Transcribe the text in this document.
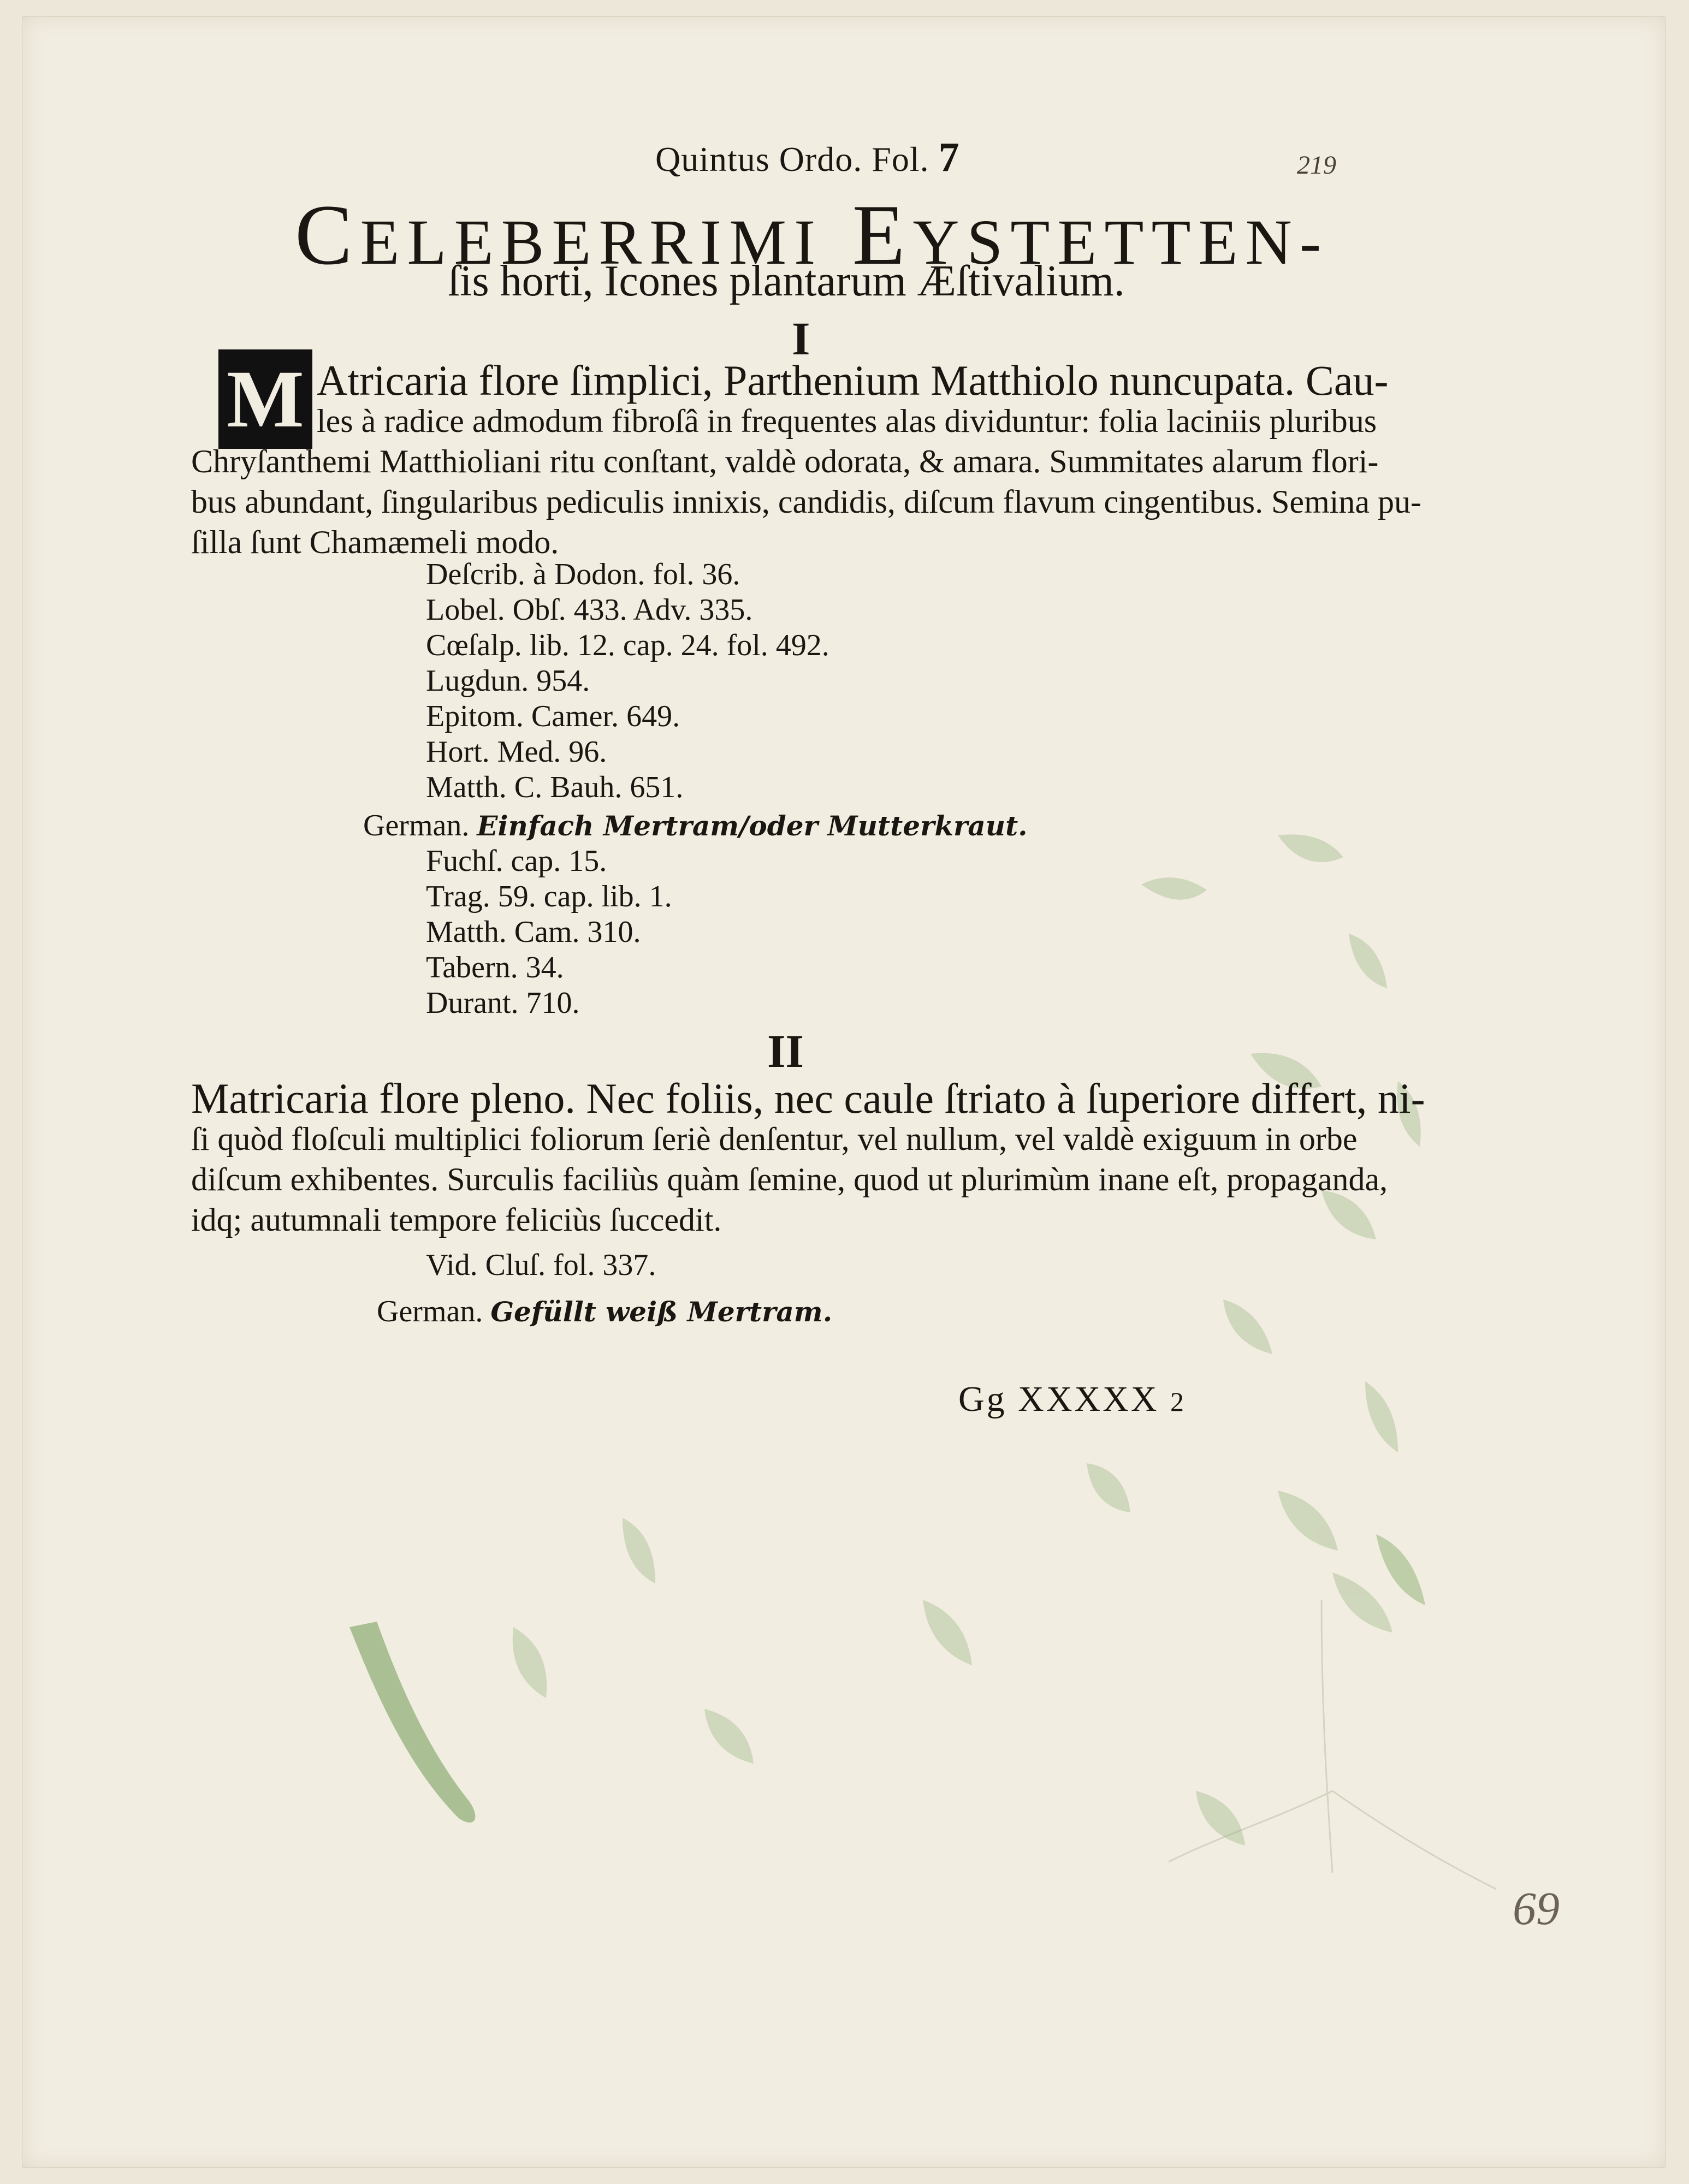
Quintus Ordo. Fol. 7	219
CELEBERRIMI EYSTETTEN-
ſis horti, Icones plantarum Æſtivalium.
I
M Atricaria flore ſimplici, Parthenium Matthiolo nuncupata. Cau-
les à radice admodum fibroſâ in frequentes alas dividuntur: folia laciniis pluribus
Chryſanthemi Matthioliani ritu conſtant, valdè odorata, & amara. Summitates alarum flori-
bus abundant, ſingularibus pediculis innixis, candidis, diſcum flavum cingentibus. Semina pu-
ſilla ſunt Chamæmeli modo.
Deſcrib. à Dodon. fol. 36.
Lobel. Obſ. 433. Adv. 335.
Cœſalp. lib. 12. cap. 24. fol. 492.
Lugdun. 954.
Epitom. Camer. 649.
Hort. Med. 96.
Matth. C. Bauh. 651.
German. Einfach Mertram/oder Mutterkraut.
Fuchſ. cap. 15.
Trag. 59. cap. lib. 1.
Matth. Cam. 310.
Tabern. 34.
Durant. 710.
II
Matricaria flore pleno. Nec foliis, nec caule ſtriato à ſuperiore differt, ni-
ſi quòd floſculi multiplici foliorum ſeriè denſentur, vel nullum, vel valdè exiguum in orbe
diſcum exhibentes. Surculis faciliùs quàm ſemine, quod ut plurimùm inane eſt, propaganda,
idq; autumnali tempore feliciùs ſuccedit.
Vid. Cluſ. fol. 337.
German. Gefüllt weiß Mertram.
Gg XXXXX 2
69
